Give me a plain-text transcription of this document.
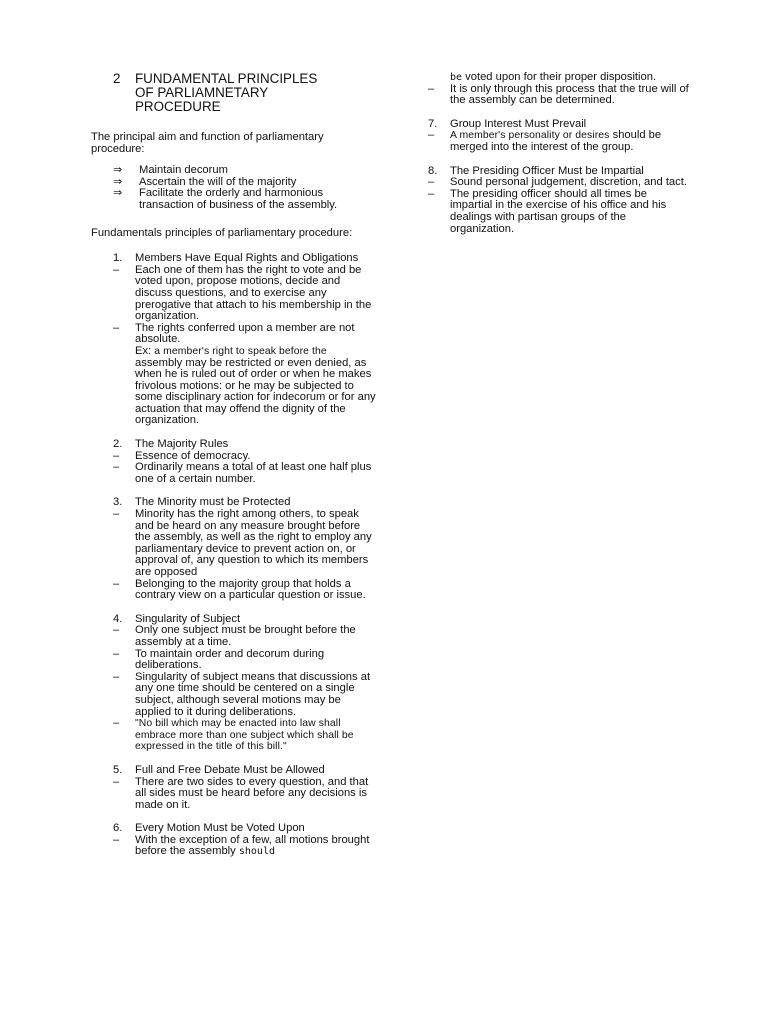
2 FUNDAMENTAL PRINCIPLES
OF PARLIAMNETARY
PROCEDURE
The principal aim and function of parliamentary procedure:
⇒ Maintain decorum
⇒ Ascertain the will of the majority
⇒ Facilitate the orderly and harmonious transaction of business of the assembly.
Fundamentals principles of parliamentary procedure:
1. Members Have Equal Rights and Obligations
– Each one of them has the right to vote and be voted upon, propose motions, decide and discuss questions, and to exercise any prerogative that attach to his membership in the organization.
– The rights conferred upon a member are not absolute.
Ex: a member's right to speak before the assembly may be restricted or even denied, as when he is ruled out of order or when he makes frivolous motions: or he may be subjected to some disciplinary action for indecorum or for any actuation that may offend the dignity of the organization.
2. The Majority Rules
– Essence of democracy.
– Ordinarily means a total of at least one half plus one of a certain number.
3. The Minority must be Protected
– Minority has the right among others, to speak and be heard on any measure brought before the assembly, as well as the right to employ any parliamentary device to prevent action on, or approval of, any question to which its members are opposed
– Belonging to the majority group that holds a contrary view on a particular question or issue.
4. Singularity of Subject
– Only one subject must be brought before the assembly at a time.
– To maintain order and decorum during deliberations.
– Singularity of subject means that discussions at any one time should be centered on a single subject, although several motions may be applied to it during deliberations.
– "No bill which may be enacted into law shall embrace more than one subject which shall be expressed in the title of this bill."
5. Full and Free Debate Must be Allowed
– There are two sides to every question, and that all sides must be heard before any decisions is made on it.
6. Every Motion Must be Voted Upon
– With the exception of a few, all motions brought before the assembly should
be voted upon for their proper disposition.
– It is only through this process that the true will of the assembly can be determined.
7. Group Interest Must Prevail
– A member's personality or desires should be merged into the interest of the group.
8. The Presiding Officer Must be Impartial
– Sound personal judgement, discretion, and tact.
– The presiding officer should all times be impartial in the exercise of his office and his dealings with partisan groups of the organization.
